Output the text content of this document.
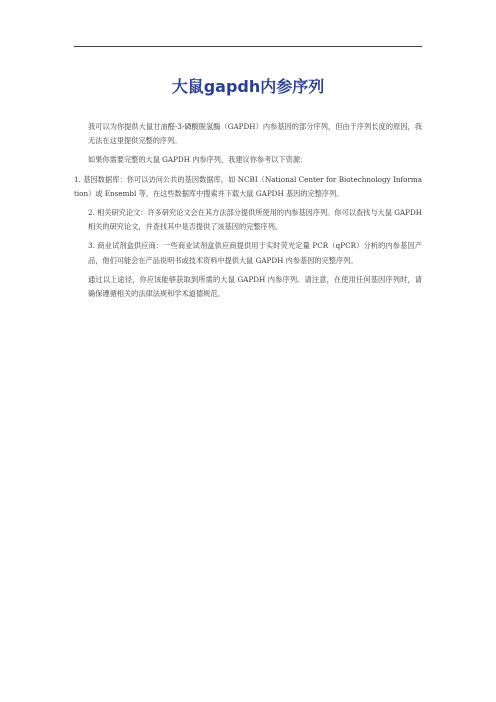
大鼠gapdh内参序列

我可以为你提供大鼠甘油醛-3-磷酸脱氢酶（GAPDH）内参基因的部分序列，但由于序列长度的原因，我无法在这里提供完整的序列。

如果你需要完整的大鼠 GAPDH 内参序列，我建议你参考以下资源：

1. 基因数据库：你可以访问公共的基因数据库，如 NCBI（National Center for Biotechnology Information）或 Ensembl 等，在这些数据库中搜索并下载大鼠 GAPDH 基因的完整序列。

2. 相关研究论文：许多研究论文会在其方法部分提供所使用的内参基因序列。你可以查找与大鼠 GAPDH 相关的研究论文，并查找其中是否提供了该基因的完整序列。

3. 商业试剂盒供应商：一些商业试剂盒供应商提供用于实时荧光定量 PCR（qPCR）分析的内参基因产品，他们可能会在产品说明书或技术资料中提供大鼠 GAPDH 内参基因的完整序列。

通过以上途径，你应该能够获取到所需的大鼠 GAPDH 内参序列。请注意，在使用任何基因序列时，请确保遵循相关的法律法规和学术道德规范。
